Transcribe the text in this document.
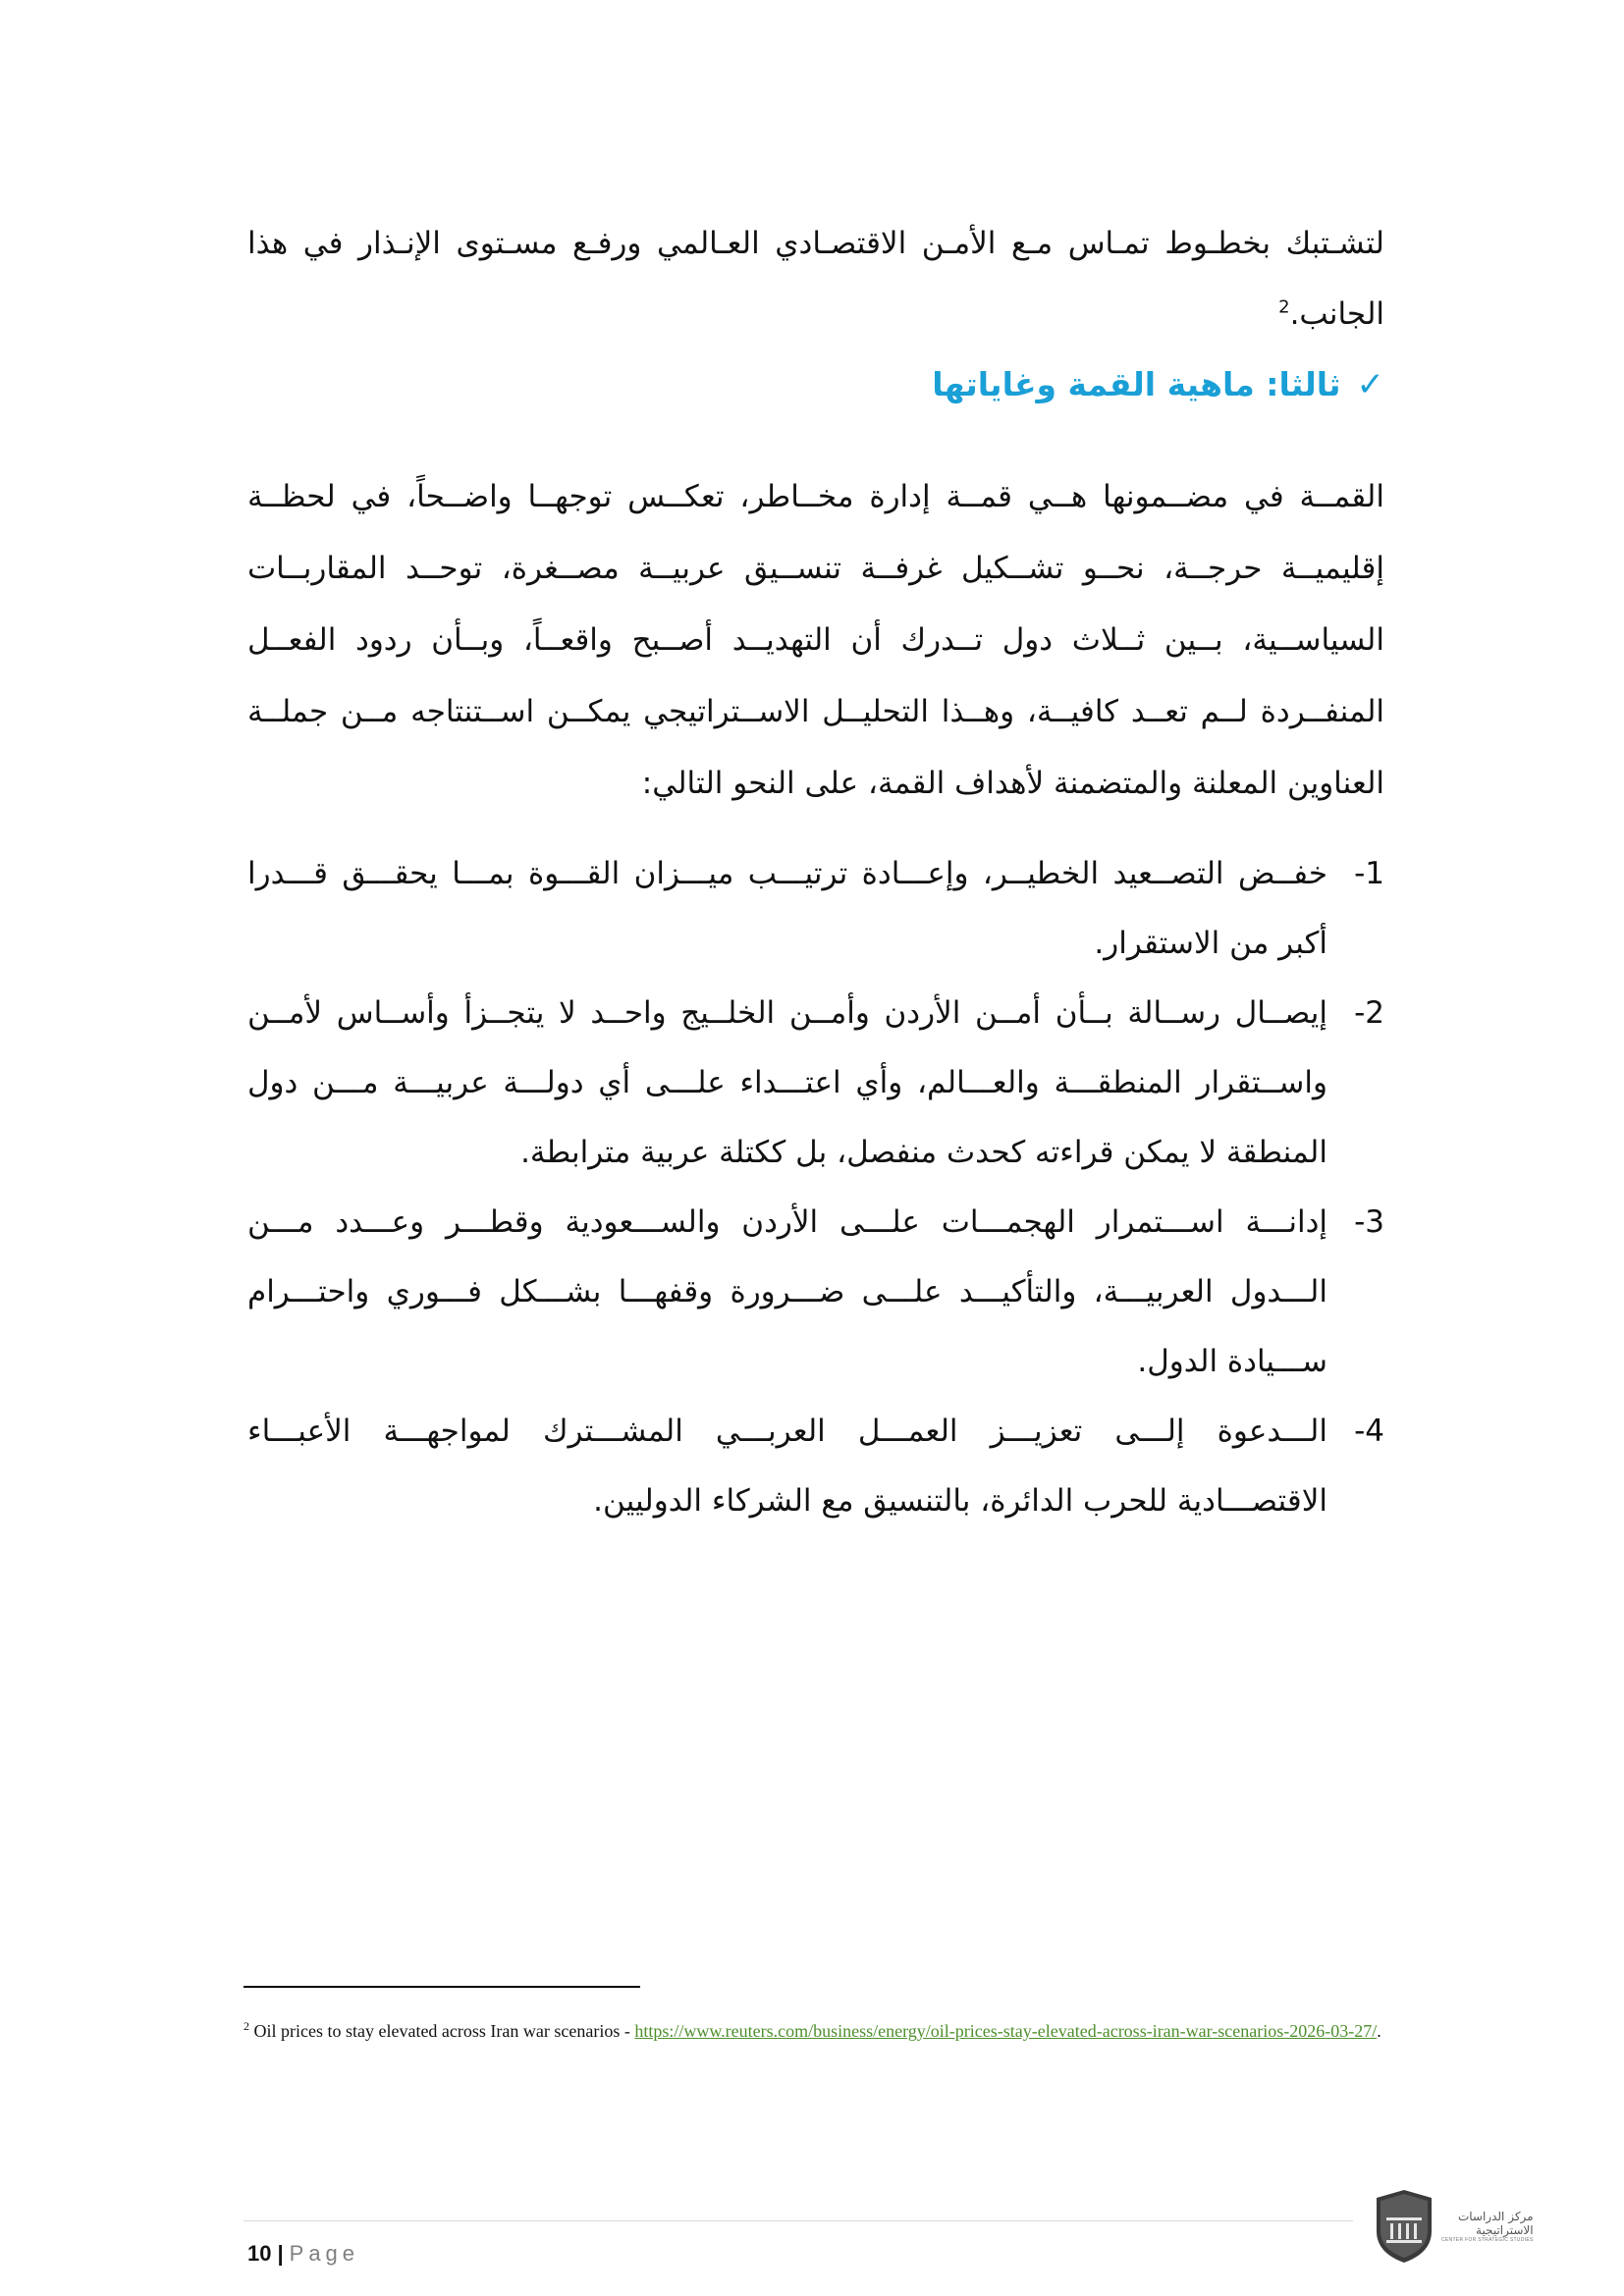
لتشـتبك بخطـوط تمـاس مـع الأمـن الاقتصـادي العـالمي ورفـع مسـتوى الإنـذار في هذا الجانب.$^2$
✓
ثالثا: ماهية القمة وغاياتها
القمــة في مضــمونها هــي قمــة إدارة مخــاطر، تعكــس توجهــا واضــحاً، في لحظــة إقليميــة حرجــة، نحــو تشــكيل غرفــة تنســيق عربيــة مصــغرة، توحــد المقاربــات السياســية، بــين ثــلاث دول تــدرك أن التهديــد أصــبح واقعــاً، وبــأن ردود الفعــل المنفــردة لــم تعــد كافيــة، وهــذا التحليــل الاســتراتيجي يمكــن اســتنتاجه مــن جملــة العناوين المعلنة والمتضمنة لأهداف القمة، على النحو التالي:
-1
خفــض التصــعيد الخطيــر، وإعـــادة ترتيـــب ميـــزان القـــوة بمـــا يحقـــق قـــدرا أكبر من الاستقرار.
-2
إيصــال رســالة بــأن أمــن الأردن وأمــن الخلــيج واحــد لا يتجــزأ وأســاس لأمــن واســتقرار المنطقـــة والعـــالم، وأي اعتـــداء علـــى أي دولـــة عربيـــة مـــن دول المنطقة لا يمكن قراءته كحدث منفصل، بل ككتلة عربية مترابطة.
-3
إدانـــة اســـتمرار الهجمـــات علـــى الأردن والســـعودية وقطـــر وعـــدد مـــن الـــدول العربيـــة، والتأكيـــد علـــى ضـــرورة وقفهـــا بشـــكل فـــوري واحتـــرام ســـيادة الدول.
-4
الـــدعوة إلـــى تعزيـــز العمـــل العربـــي المشـــترك لمواجهـــة الأعبـــاء الاقتصـــادية للحرب الدائرة، بالتنسيق مع الشركاء الدوليين.
$^2$ Oil prices to stay elevated across Iran war scenarios - https://www.reuters.com/business/energy/oil-prices-stay-elevated-across-iran-war-scenarios-2026-03-27/.
10 | Page
مركز الدراسات
الاستراتيجية
CENTER FOR STRATEGIC STUDIES
